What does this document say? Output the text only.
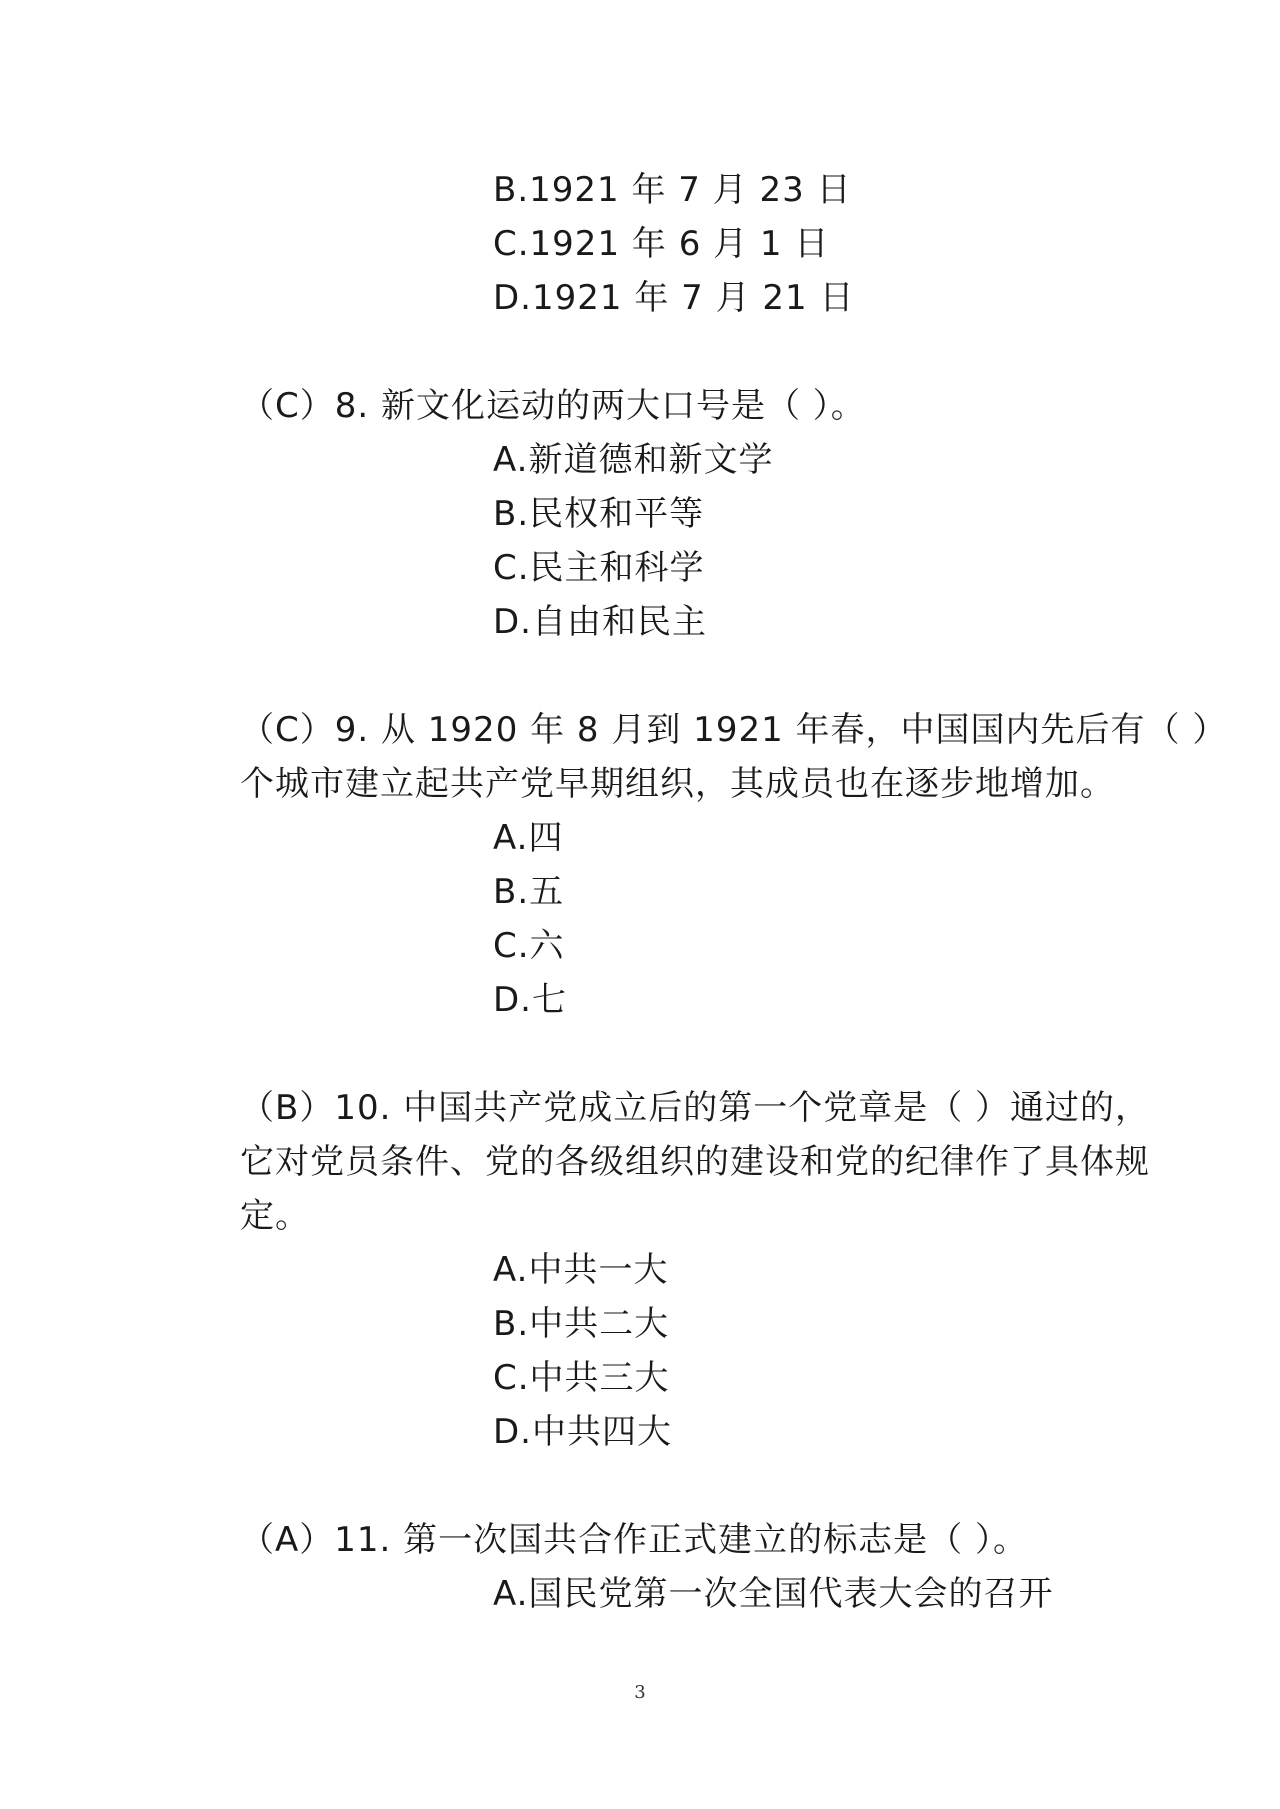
B.1921 年 7 月 23 日
C.1921 年 6 月 1 日
D.1921 年 7 月 21 日
（C）8. 新文化运动的两大口号是（ ）。
A.新道德和新文学
B.民权和平等
C.民主和科学
D.自由和民主
（C）9. 从 1920 年 8 月到 1921 年春，中国国内先后有（ ）
个城市建立起共产党早期组织，其成员也在逐步地增加。
A.四
B.五
C.六
D.七
（B）10. 中国共产党成立后的第一个党章是（ ）通过的，
它对党员条件、党的各级组织的建设和党的纪律作了具体规
定。
A.中共一大
B.中共二大
C.中共三大
D.中共四大
（A）11. 第一次国共合作正式建立的标志是（ ）。
A.国民党第一次全国代表大会的召开
3
